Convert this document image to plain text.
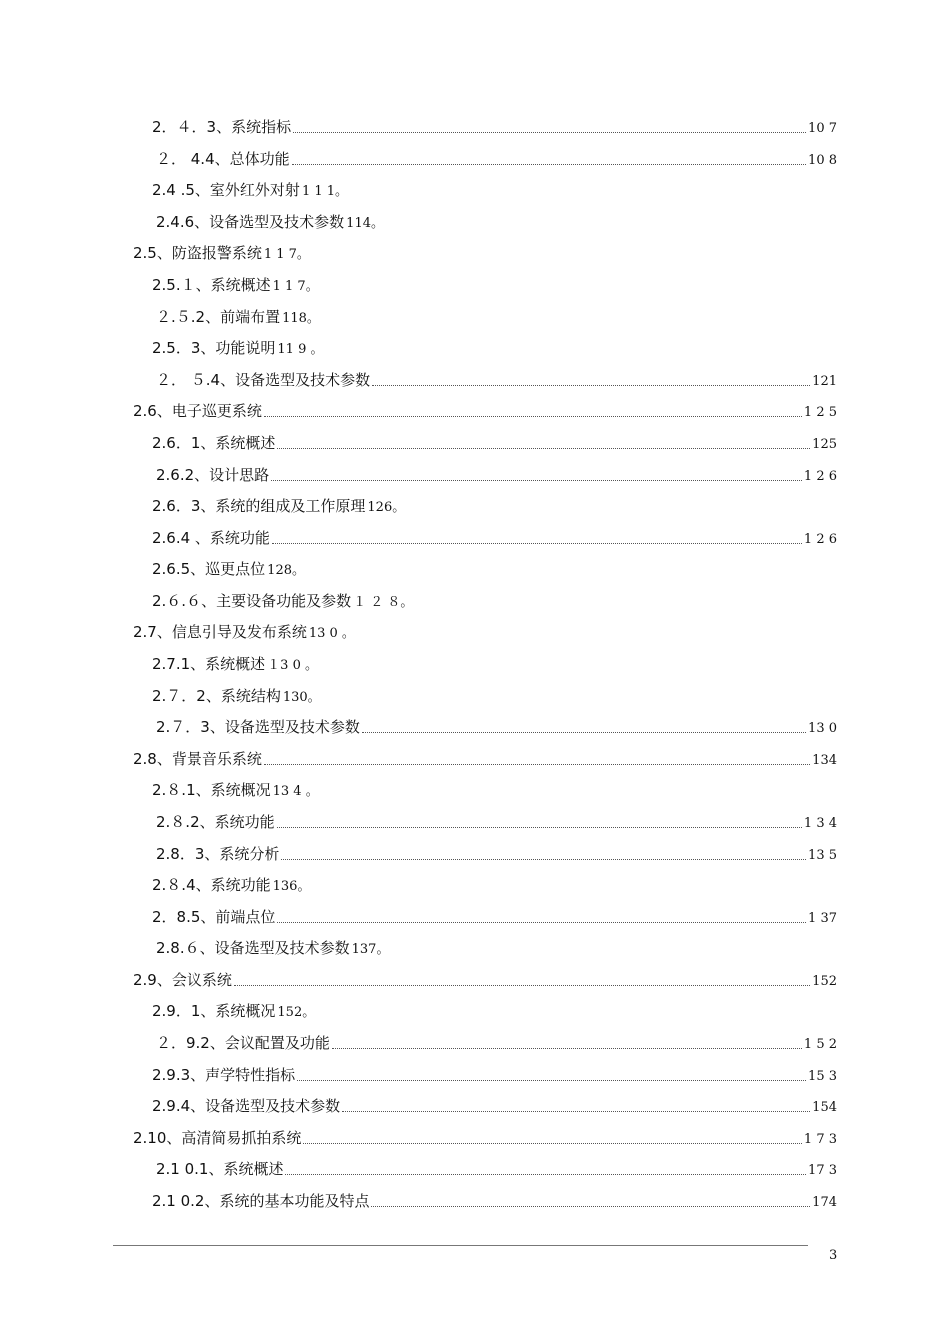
2．４．3、系统指标	10 7
２． 4.4、总体功能	10 8
2.4 .5、室外红外对射 1 1 1。
2.4.6、设备选型及技术参数 114。
2.5、防盗报警系统 1 1 7。
2.5.１、系统概述 1 1 7。
２.５.2、前端布置 118。
2.5．3、功能说明 11 9 。
２． ５.4、设备选型及技术参数	121
2.6、电子巡更系统	1 2 5
2.6．1、系统概述	125
2.6.2、设计思路	1 2 6
2.6．3、系统的组成及工作原理 126。
2.6.4 、系统功能	1 2 6
2.6.5、巡更点位 128。
2.６.６、主要设备功能及参数 １ ２ ８。
2.7、信息引导及发布系统 13 0 。
2.7.1、系统概述 １3 0 。
2.７．2、系统结构 130。
2.７．3、设备选型及技术参数	13 0
2.8、背景音乐系统	134
2.８.1、系统概况 13 4 。
2.８.2、系统功能	1 3 4
2.8．3、系统分析	13 5
2.８.4、系统功能 136。
2．8.5、前端点位	1 37
2.8.６、设备选型及技术参数 137。
2.9、会议系统	152
2.9．1、系统概况 152。
２．9.2、会议配置及功能	1 5 2
2.9.3、声学特性指标	15 3
2.9.4、设备选型及技术参数	154
2.10、高清简易抓拍系统	1 7 3
2.1 0.1、系统概述	17 3
2.1 0.2、系统的基本功能及特点	174
3
